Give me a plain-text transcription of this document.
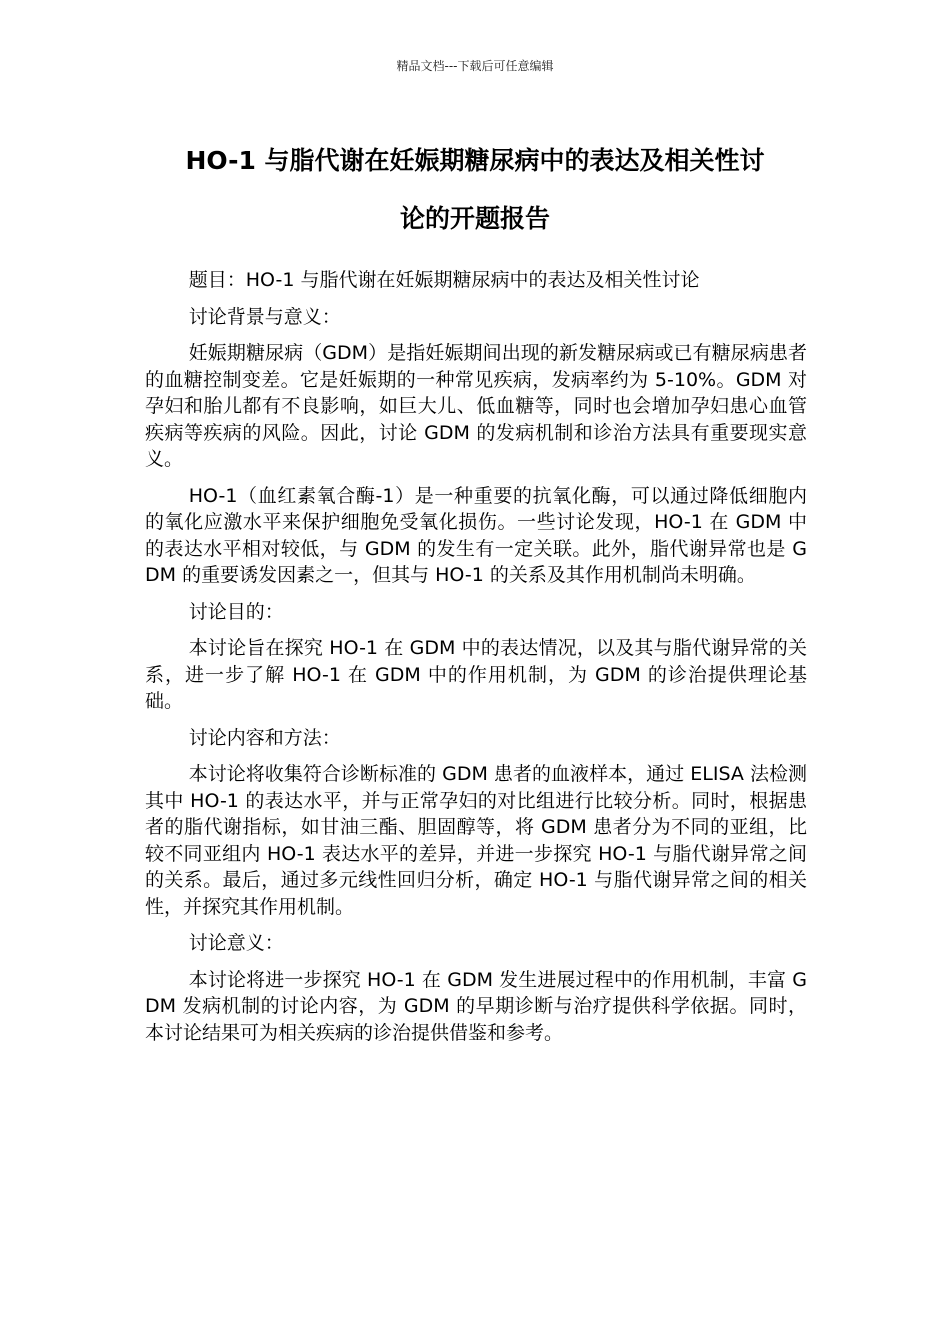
精品文档---下载后可任意编辑
HO-1 与脂代谢在妊娠期糖尿病中的表达及相关性讨
论的开题报告

题目：HO-1 与脂代谢在妊娠期糖尿病中的表达及相关性讨论

讨论背景与意义：

妊娠期糖尿病（GDM）是指妊娠期间出现的新发糖尿病或已有糖尿病患者的血糖控制变差。它是妊娠期的一种常见疾病，发病率约为 5-10%。GDM 对孕妇和胎儿都有不良影响，如巨大儿、低血糖等，同时也会增加孕妇患心血管疾病等疾病的风险。因此，讨论 GDM 的发病机制和诊治方法具有重要现实意义。

HO-1（血红素氧合酶-1）是一种重要的抗氧化酶，可以通过降低细胞内的氧化应激水平来保护细胞免受氧化损伤。一些讨论发现，HO-1 在 GDM 中的表达水平相对较低，与 GDM 的发生有一定关联。此外，脂代谢异常也是 GDM 的重要诱发因素之一，但其与 HO-1 的关系及其作用机制尚未明确。

讨论目的：

本讨论旨在探究 HO-1 在 GDM 中的表达情况，以及其与脂代谢异常的关系，进一步了解 HO-1 在 GDM 中的作用机制，为 GDM 的诊治提供理论基础。

讨论内容和方法：

本讨论将收集符合诊断标准的 GDM 患者的血液样本，通过 ELISA 法检测其中 HO-1 的表达水平，并与正常孕妇的对比组进行比较分析。同时，根据患者的脂代谢指标，如甘油三酯、胆固醇等，将 GDM 患者分为不同的亚组，比较不同亚组内 HO-1 表达水平的差异，并进一步探究 HO-1 与脂代谢异常之间的关系。最后，通过多元线性回归分析，确定 HO-1 与脂代谢异常之间的相关性，并探究其作用机制。

讨论意义：

本讨论将进一步探究 HO-1 在 GDM 发生进展过程中的作用机制，丰富 GDM 发病机制的讨论内容，为 GDM 的早期诊断与治疗提供科学依据。同时，本讨论结果可为相关疾病的诊治提供借鉴和参考。
